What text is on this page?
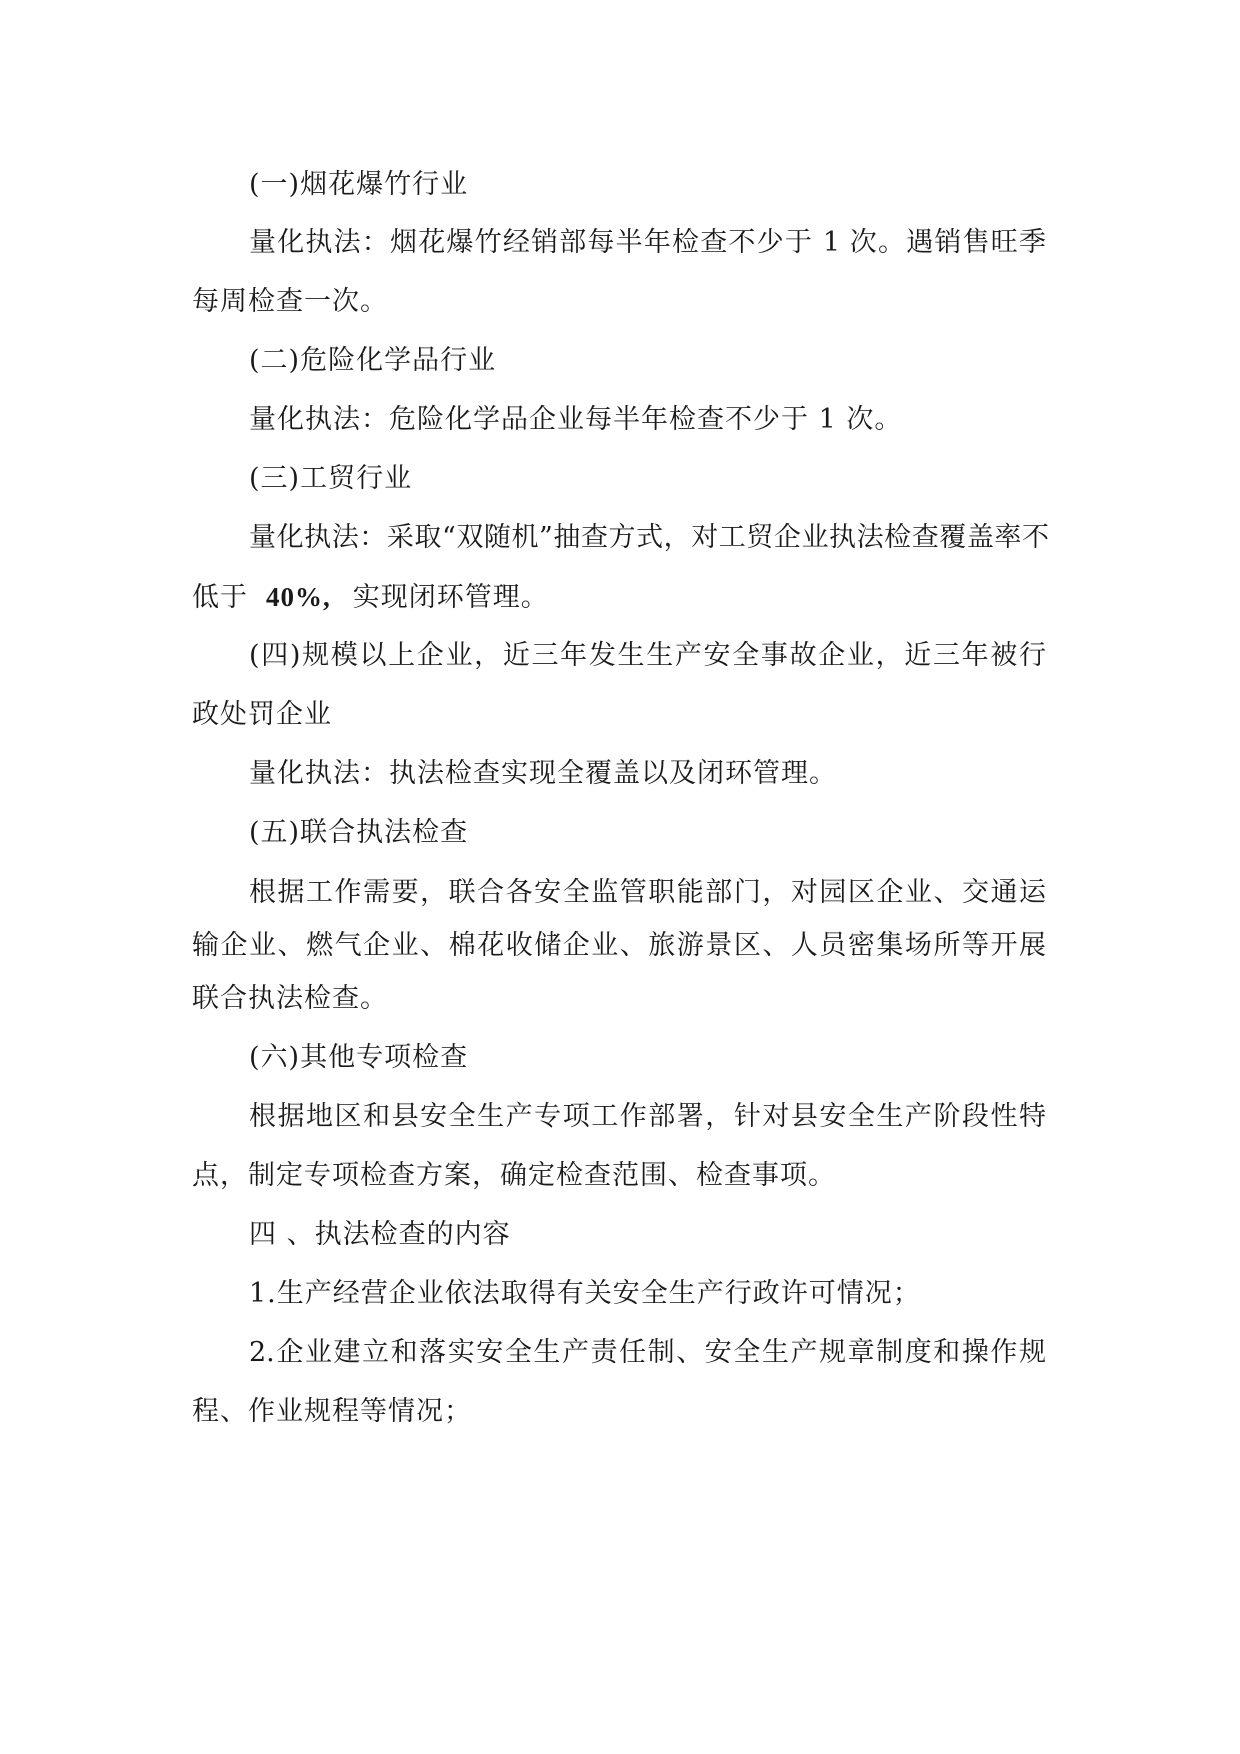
(一)烟花爆竹行业
量化执法：烟花爆竹经销部每半年检查不少于 1 次。遇销售旺季
每周检查一次。
(二)危险化学品行业
量化执法：危险化学品企业每半年检查不少于 1 次。
(三)工贸行业
量化执法：采取“双随机”抽查方式，对工贸企业执法检查覆盖率不
低于 40%, 实现闭环管理。
(四)规模以上企业，近三年发生生产安全事故企业，近三年被行
政处罚企业
量化执法：执法检查实现全覆盖以及闭环管理。
(五)联合执法检查
根据工作需要，联合各安全监管职能部门，对园区企业、交通运
输企业、燃气企业、棉花收储企业、旅游景区、人员密集场所等开展
联合执法检查。
(六)其他专项检查
根据地区和县安全生产专项工作部署，针对县安全生产阶段性特
点，制定专项检查方案，确定检查范围、检查事项。
四 、执法检查的内容
1.生产经营企业依法取得有关安全生产行政许可情况；
2.企业建立和落实安全生产责任制、安全生产规章制度和操作规
程、作业规程等情况；
